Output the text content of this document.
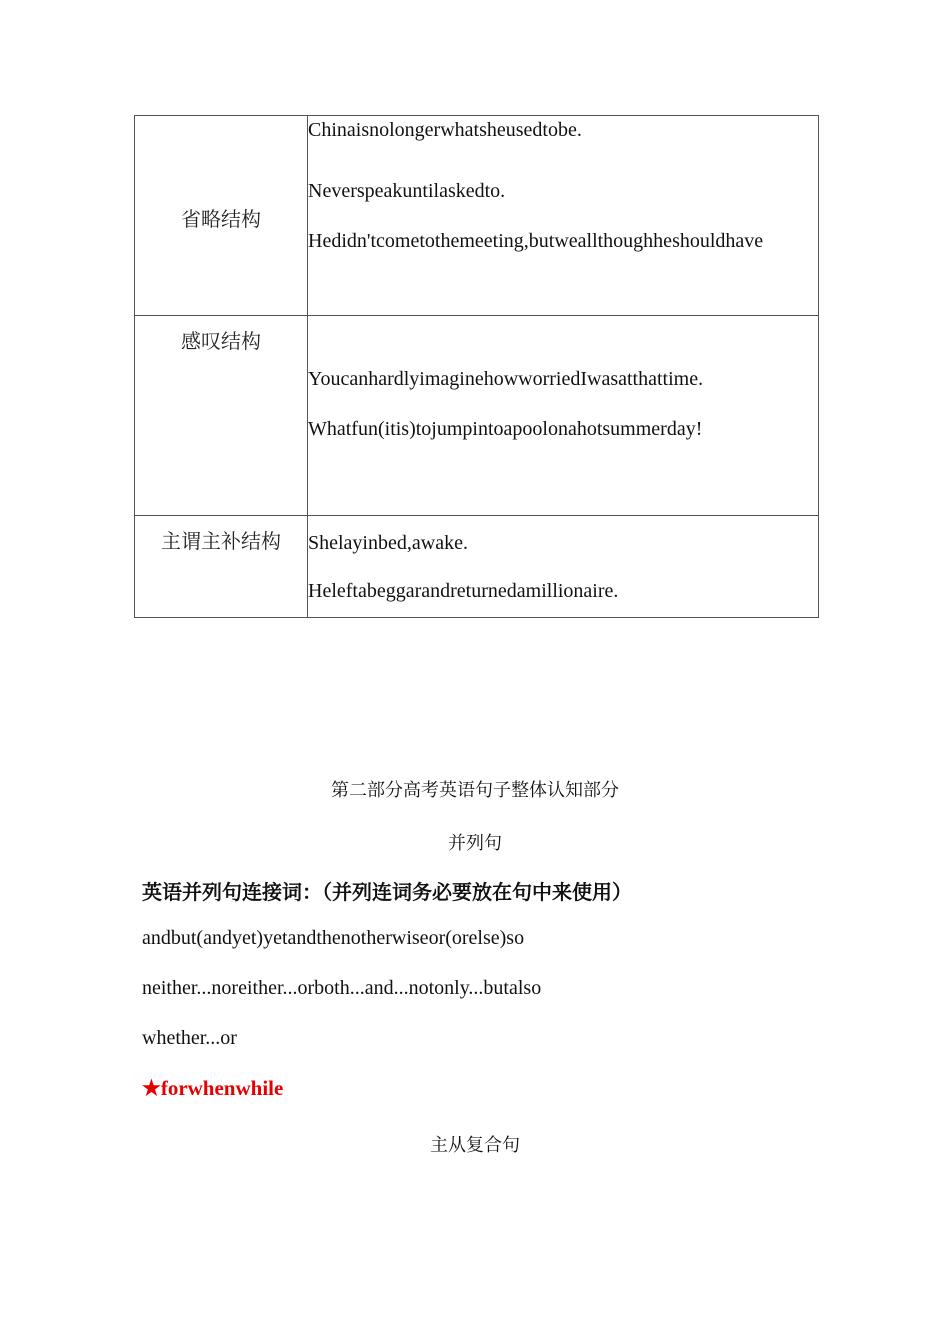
省略结构	Chinaisnolongerwhatsheusedtobe.

Neverspeakuntilaskedto.

Hedidn'tcometothemeeting,butweallthoughheshouldhave

感叹结构	YoucanhardlyimaginehowworriedIwasatthattime.

Whatfun(itis)tojumpintoapoolonahotsummerday!

主谓主补结构	Shelayinbed,awake.

Heleftabeggarandreturnedamillionaire.

第二部分高考英语句子整体认知部分
并列句
英语并列句连接词：（并列连词务必要放在句中来使用）
andbut(andyet)yetandthenotherwiseor(orelse)so
neither...noreither...orboth...and...notonly...butalso
whether...or
★forwhenwhile
主从复合句
